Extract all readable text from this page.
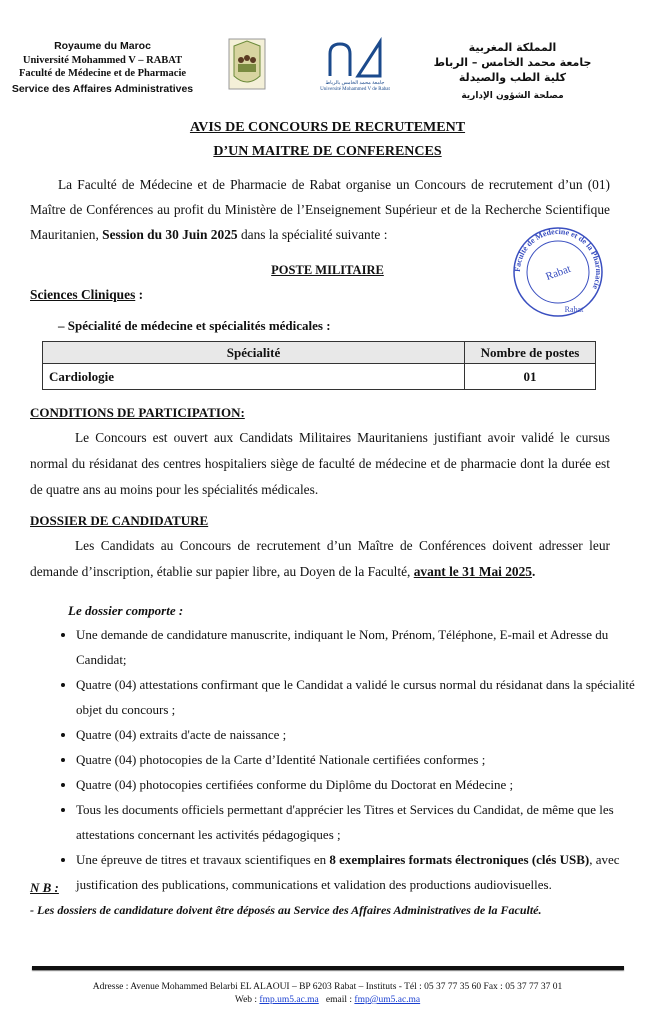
Royaume du Maroc
Université Mohammed V – RABAT
Faculté de Médecine et de Pharmacie
Service des Affaires Administratives	جامعة محمد الخامس بالرباط
Université Mohammed V de Rabat
المملكة المغربية
جامعة محمد الخامس – الرباط
كلية الطب والصيدلة
مصلحة الشؤون الإدارية
AVIS DE CONCOURS DE RECRUTEMENT
D’UN MAITRE DE CONFERENCES
La Faculté de Médecine et de Pharmacie de Rabat organise un Concours de recrutement d’un (01) Maître de Conférences au profit du Ministère de l’Enseignement Supérieur et de la Recherche Scientifique Mauritanien, Session du 30 Juin 2025 dans la spécialité suivante :
POSTE MILITAIRE
Sciences Cliniques :
Faculté de Médecine et de la Pharmacie
Rabat
Rabat
– Spécialité de médecine et spécialités médicales :
Spécialité	Nombre de postes
Cardiologie	01
CONDITIONS DE PARTICIPATION:
Le Concours est ouvert aux Candidats Militaires Mauritaniens justifiant avoir validé le cursus normal du résidanat des centres hospitaliers siège de faculté de médecine et de pharmacie dont la durée est de quatre ans au moins pour les spécialités médicales.
DOSSIER DE CANDIDATURE
Les Candidats au Concours de recrutement d’un Maître de Conférences doivent adresser leur demande d’inscription, établie sur papier libre, au Doyen de la Faculté, avant le 31 Mai 2025.
Le dossier comporte :
• Une demande de candidature manuscrite, indiquant le Nom, Prénom, Téléphone, E-mail et Adresse du Candidat;
• Quatre (04) attestations confirmant que le Candidat a validé le cursus normal du résidanat dans la spécialité objet du concours ;
• Quatre (04) extraits d'acte de naissance ;
• Quatre (04) photocopies de la Carte d’Identité Nationale certifiées conformes ;
• Quatre (04) photocopies certifiées conforme du Diplôme du Doctorat en Médecine ;
• Tous les documents officiels permettant d'apprécier les Titres et Services du Candidat, de même que les attestations concernant les activités pédagogiques ;
• Une épreuve de titres et travaux scientifiques en 8 exemplaires formats électroniques (clés USB), avec justification des publications, communications et validation des productions audiovisuelles.
N B :
- Les dossiers de candidature doivent être déposés au Service des Affaires Administratives de la Faculté.
Adresse : Avenue Mohammed Belarbi EL ALAOUI – BP 6203 Rabat – Instituts - Tél : 05 37 77 35 60 Fax : 05 37 77 37 01
Web : fmp.um5.ac.ma   email : fmp@um5.ac.ma
